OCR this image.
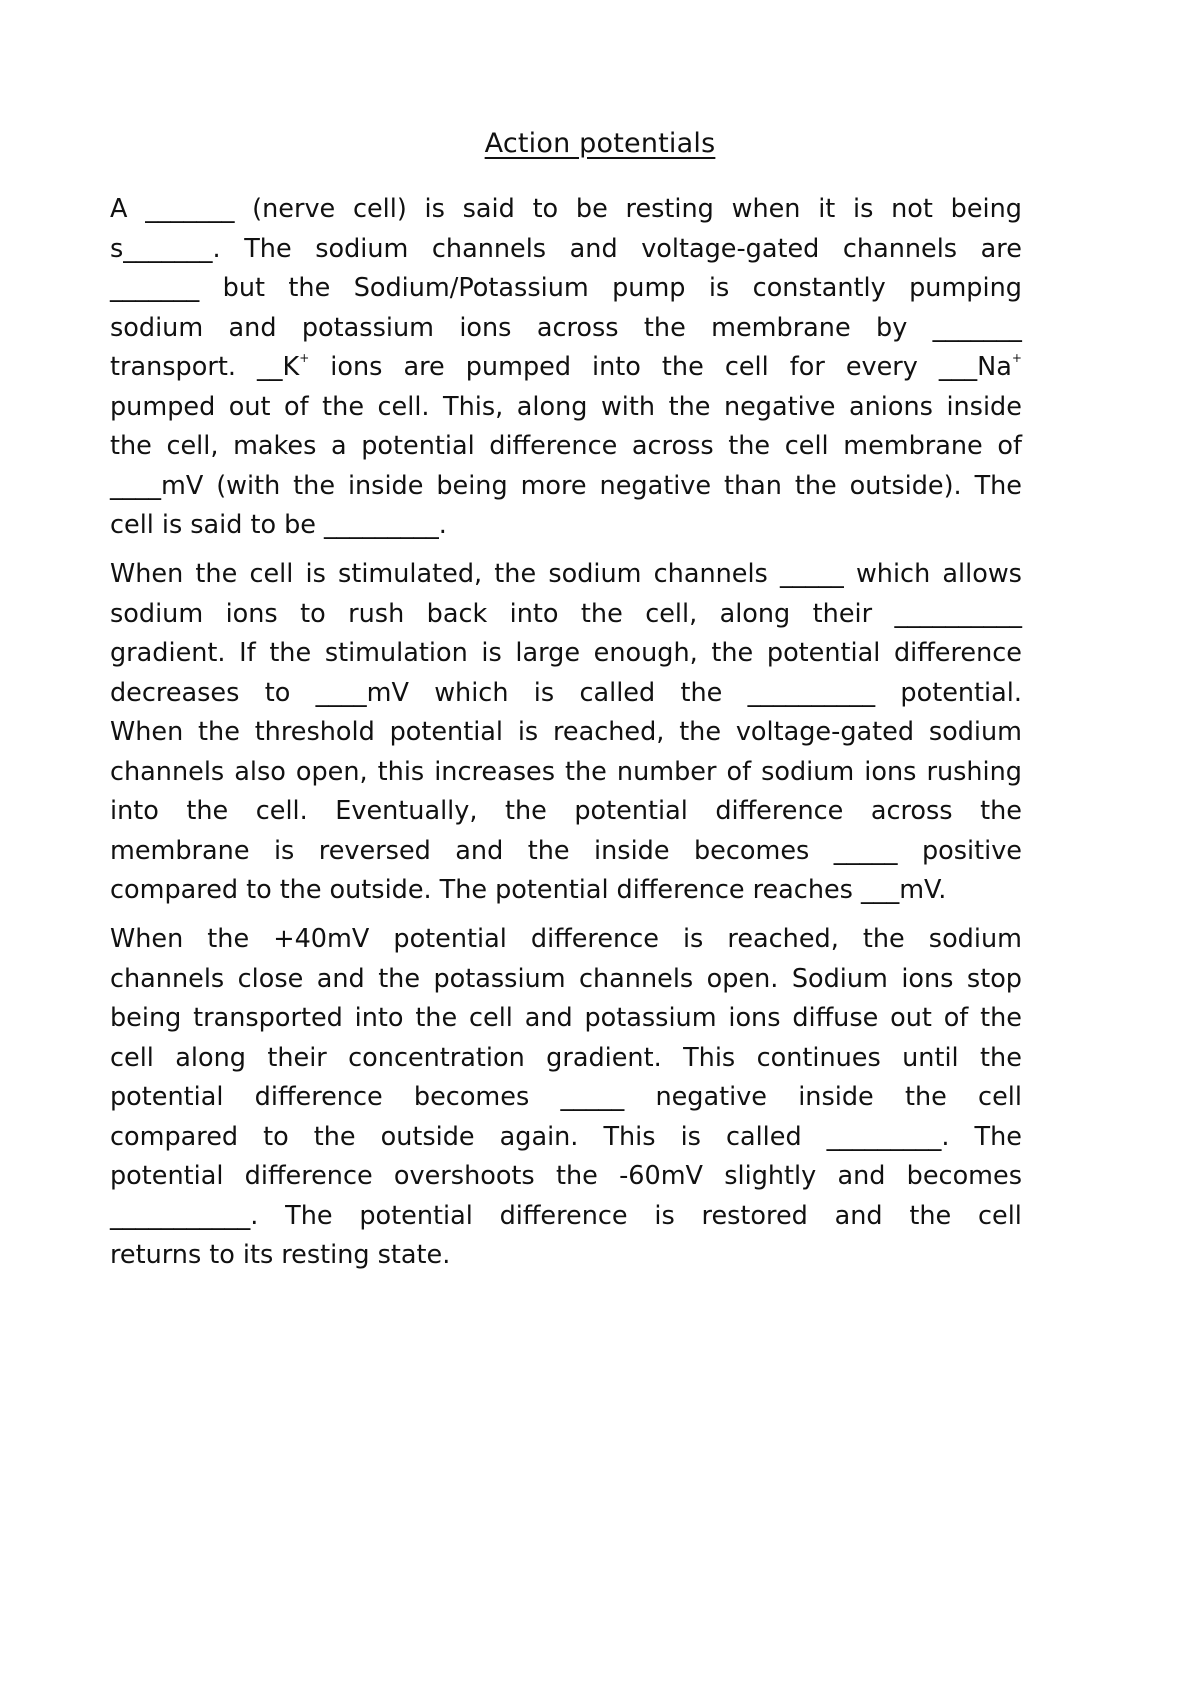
Action potentials
A _______ (nerve cell) is said to be resting when it is not being
s_______. The sodium channels and voltage-gated channels are
_______ but the Sodium/Potassium pump is constantly pumping
sodium and potassium ions across the membrane by _______
transport. __K+ ions are pumped into the cell for every ___Na+
pumped out of the cell. This, along with the negative anions inside
the cell, makes a potential difference across the cell membrane of
____mV (with the inside being more negative than the outside). The
cell is said to be _________.
When the cell is stimulated, the sodium channels _____ which allows
sodium ions to rush back into the cell, along their __________
gradient. If the stimulation is large enough, the potential difference
decreases to ____mV which is called the __________ potential.
When the threshold potential is reached, the voltage-gated sodium
channels also open, this increases the number of sodium ions rushing
into the cell. Eventually, the potential difference across the
membrane is reversed and the inside becomes _____ positive
compared to the outside. The potential difference reaches ___mV.
When the +40mV potential difference is reached, the sodium
channels close and the potassium channels open. Sodium ions stop
being transported into the cell and potassium ions diffuse out of the
cell along their concentration gradient. This continues until the
potential difference becomes _____ negative inside the cell
compared to the outside again. This is called _________. The
potential difference overshoots the -60mV slightly and becomes
___________. The potential difference is restored and the cell
returns to its resting state.
